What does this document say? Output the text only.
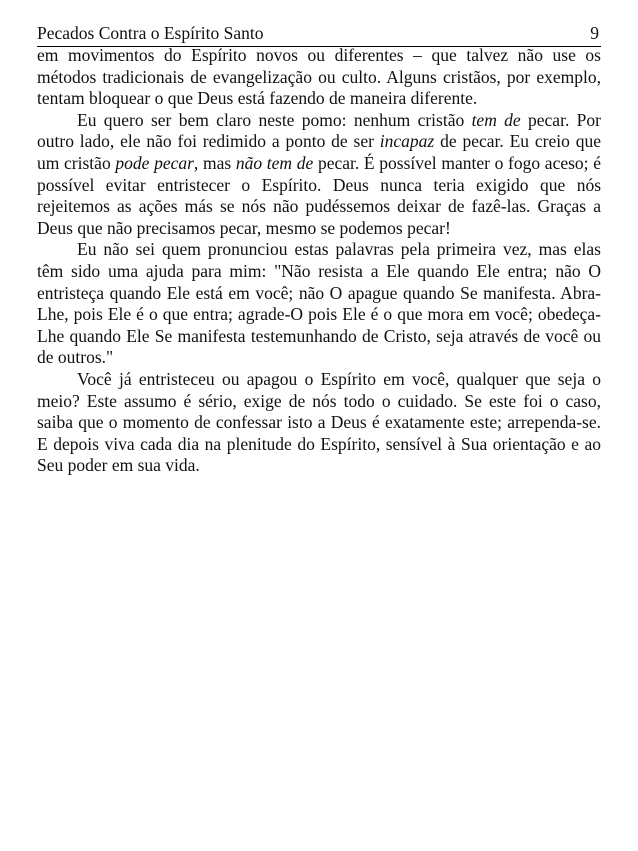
Pecados Contra o Espírito Santo	9

em movimentos do Espírito novos ou diferentes – que talvez não use os métodos tradicionais de evangelização ou culto. Alguns cristãos, por exemplo, tentam bloquear o que Deus está fazendo de maneira diferente.

Eu quero ser bem claro neste pomo: nenhum cristão tem de pecar. Por outro lado, ele não foi redimido a ponto de ser incapaz de pecar. Eu creio que um cristão pode pecar, mas não tem de pecar. É possível manter o fogo aceso; é possível evitar entristecer o Espírito. Deus nunca teria exigido que nós rejeitemos as ações más se nós não pudéssemos deixar de fazê-las. Graças a Deus que não precisamos pecar, mesmo se podemos pecar!

Eu não sei quem pronunciou estas palavras pela primeira vez, mas elas têm sido uma ajuda para mim: "Não resista a Ele quando Ele entra; não O entristeça quando Ele está em você; não O apague quando Se manifesta. Abra-Lhe, pois Ele é o que entra; agrade-O pois Ele é o que mora em você; obedeça-Lhe quando Ele Se manifesta testemunhando de Cristo, seja através de você ou de outros."

Você já entristeceu ou apagou o Espírito em você, qualquer que seja o meio? Este assumo é sério, exige de nós todo o cuidado. Se este foi o caso, saiba que o momento de confessar isto a Deus é exatamente este; arrependa-se. E depois viva cada dia na plenitude do Espírito, sensível à Sua orientação e ao Seu poder em sua vida.
